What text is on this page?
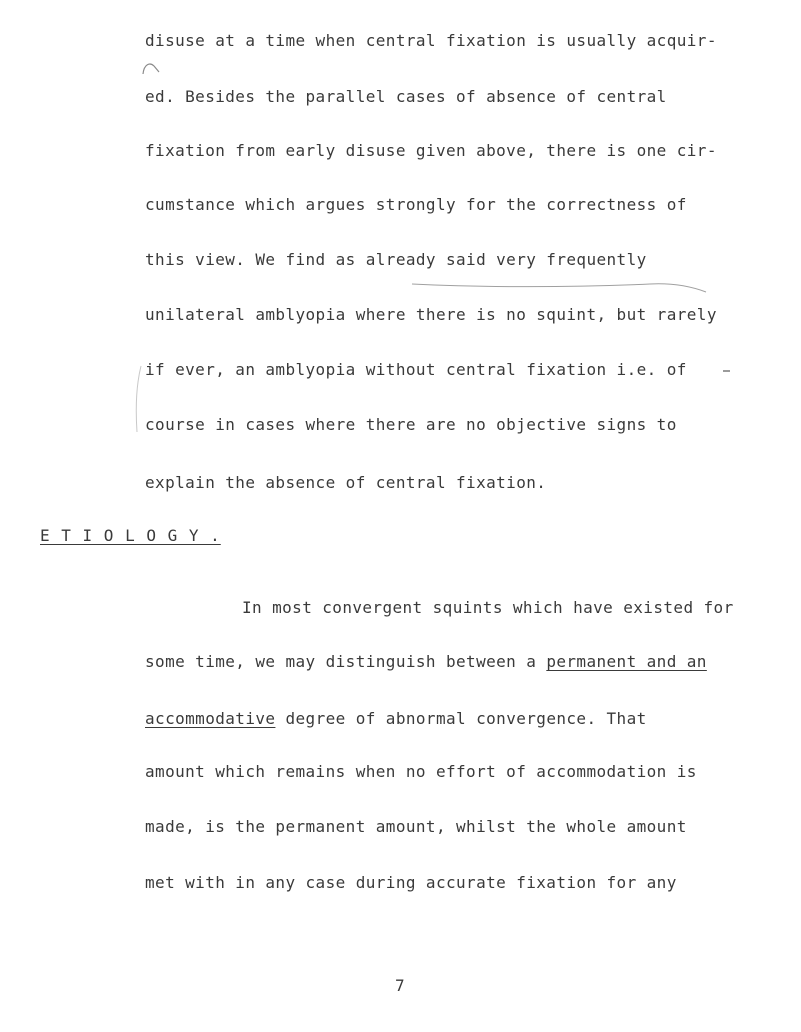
disuse at a time when central fixation is usually acquir-
ed. Besides the parallel cases of absence of central
fixation from early disuse given above, there is one cir-
cumstance which argues strongly for the correctness of
this view. We find as already said very frequently
unilateral amblyopia where there is no squint, but rarely
if ever, an amblyopia without central fixation i.e. of
course in cases where there are no objective signs to
explain the absence of central fixation.
E T I O L O G Y .
In most convergent squints which have existed for
some time, we may distinguish between a permanent and an
accommodative degree of abnormal convergence. That
amount which remains when no effort of accommodation is
made, is the permanent amount, whilst the whole amount
met with in any case during accurate fixation for any
7
